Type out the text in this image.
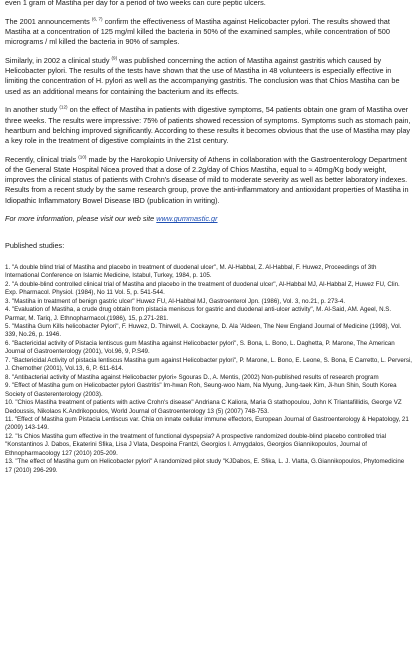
even 1 gram of Mastiha per day for a period of two weeks can cure peptic ulcers.

The 2001 announcements $^{(6, 7)}$ confirm the effectiveness of Mastiha against Helicobacter pylori. The results showed that Mastiha at a concentration of 125 mg/ml killed the bacteria in 50% of the examined samples, while concentration of 500 micrograms / ml killed the bacteria in 90% of samples.

Similarly, in 2002 a clinical study $^{(9)}$ was published concerning the action of Mastiha against gastritis which caused by Helicobacter pylori. The results of the tests have shown that the use of Mastiha in 48 volunteers is especially effective in limiting the concentration of H. pylori as well as the accompanying gastritis. The conclusion was that Chios Mastiha can be used as an additional means for containing the bacterium and its effects.

In another study $^{(12)}$ on the effect of Mastiha in patients with digestive symptoms, 54 patients obtain one gram of Mastiha over three weeks. The results were impressive: 75% of patients showed recession of symptoms. Symptoms such as stomach pain, heartburn and belching improved significantly. According to these results it becomes obvious that the use of Mastiha may play a key role in the treatment of digestive complaints in the 21st century.

Recently, clinical trials $^{(10)}$ made by the Harokopio University of Athens in collaboration with the Gastroenterology Department of the General State Hospital Nicea proved that a dose of 2.2g/day of Chios Mastiha, equal to ≈ 40mg/Kg body weight, improves the clinical status of patients with Crohn's disease of mild to moderate severity as well as better laboratory indexes. Results from a recent study by the same research group, prove the anti-inflammatory and antioxidant properties of Mastiha in Idiopathic Inflammatory Bowel Disease IBD (publication in writing).

For more information, please visit our web site www.gummastic.gr

Published studies:

1. "A double blind trial of Mastiha and placebo in treatment of duodenal ulcer", M. Al-Habbal, Z. Al-Habbal, F. Huwez, Proceedings of 3th International Conference on Islamic Medicine, Istabul, Turkey, 1984, p. 105.

2. "A double-blind controlled clinical trial of Mastiha and placebo in the treatment of duodenal ulcer", Al-Habbal MJ, Al-Habbal Z, Huwez FU, Clin. Exp. Pharmacol. Physiol. (1984), No 11 Vol. 5, p. 541-544.

3. "Mastiha in treatment of benign gastric ulcer" Huwez FU, Al-Habbal MJ, Gastroenterol Jpn. (1986), Vol. 3, no.21, p. 273-4.

4. "Evaluation of Mastiha, a crude drug obtain from pistacia meniscus for gastric and duodenal anti-ulcer activity", M. Al-Said, AM. Ageel, N.S. Parmar, M. Tariq, J. Ethnopharmacol.(1986), 15, p.271-281.

5. "Mastiha Gum Kills helicobacter Pylori", F. Huwez, D. Thirwell, A. Cockayne, D. Ala 'Aldeen, The New England Journal of Medicine (1998), Vol. 339, No.26, p. 1946.

6. "Bactericidal activity of Pistacia lentiscus gum Mastiha against Helicobacter pylori", S. Bona, L. Bono, L. Daghetta, P. Marone, The American Journal of Gastroenterology (2001), Vol.96, 9, P.S49.

7. "Bactericidal Activity of pistacia lentiscus Mastiha gum against Helicobacter pylori", P. Marone, L. Bono, E. Leone, S. Bona, E Carretto, L. Perversi, J. Chemother (2001), Vol.13, 6, P. 611-614.

8. "Antibacterial activity of Mastiha against Helicobacter pylori» Sgouras D., A. Mentis, (2002) Non-published results of research program

9. "Effect of Mastiha gum on Helicobacter pylori Gastritis" Im-hwan Roh, Seung-woo Nam, Na Myung, Jung-taek Kim, Ji-hun Shin, South Korea Society of Gasterenterology (2003).

10. "Chios Mastiha treatment of patients with active Crohn's disease" Andriana C Kaliora, Maria G stathopoulou, John K Triantafillidis, George VZ Dedoussis, Nikolaos K.Andrikopoulos, World Journal of Gastroenterology 13 (5) (2007) 748-753.

11. "Effect of Mastiha gum Pistacia Lentiscus var. Chia on innate cellular immune effectors, European Journal of Gastroenterology & Hepatology, 21 (2009) 143-149.

12. "Is Chios Mastiha gum effective in the treatment of functional dyspepsia? A prospective randomized double-blind placebo controlled trial "Konstantinos J. Dabos, Ekaterini Sfika, Lisa J Vlata, Despoina Frantzi, Georgios I. Amygdalos, Georgios Giannikopoulos, Journal of Ethnopharmacology 127 (2010) 205-209.

13. "The effect of Mastiha gum on Helicobacter pylori" A randomized pilot study "KJDabos, E. Sfika, L. J. Vlatta, G.Giannikopoulos, Phytomedicine 17 (2010) 296-299.
